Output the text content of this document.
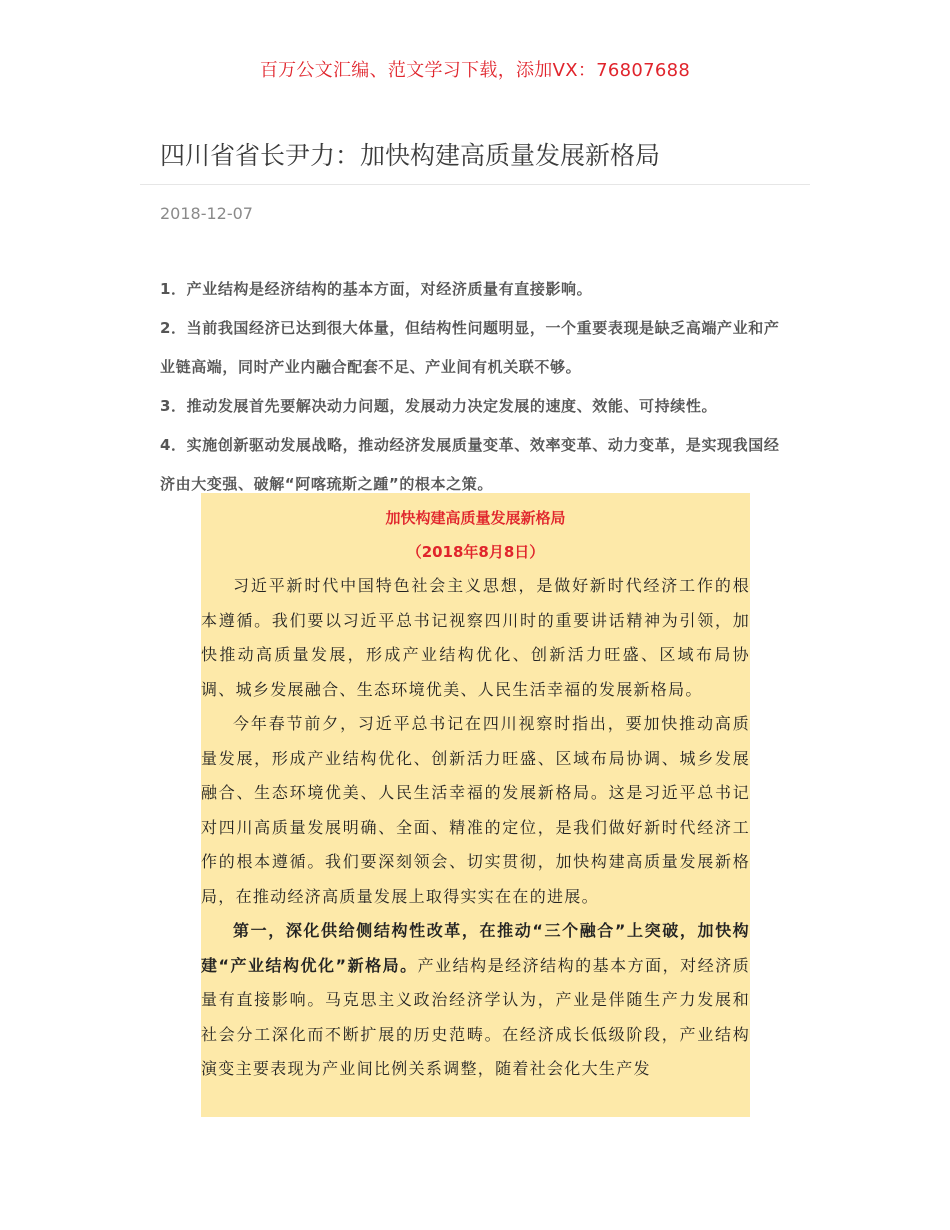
百万公文汇编、范文学习下载，添加VX：76807688
四川省省长尹力：加快构建高质量发展新格局
2018-12-07

1．产业结构是经济结构的基本方面，对经济质量有直接影响。

2．当前我国经济已达到很大体量，但结构性问题明显，一个重要表现是缺乏高端产业和产业链高端，同时产业内融合配套不足、产业间有机关联不够。

3．推动发展首先要解决动力问题，发展动力决定发展的速度、效能、可持续性。

4．实施创新驱动发展战略，推动经济发展质量变革、效率变革、动力变革，是实现我国经济由大变强、破解“阿喀琉斯之踵”的根本之策。

加快构建高质量发展新格局
（2018年8月8日）

习近平新时代中国特色社会主义思想，是做好新时代经济工作的根本遵循。我们要以习近平总书记视察四川时的重要讲话精神为引领，加快推动高质量发展，形成产业结构优化、创新活力旺盛、区域布局协调、城乡发展融合、生态环境优美、人民生活幸福的发展新格局。

今年春节前夕，习近平总书记在四川视察时指出，要加快推动高质量发展，形成产业结构优化、创新活力旺盛、区域布局协调、城乡发展融合、生态环境优美、人民生活幸福的发展新格局。这是习近平总书记对四川高质量发展明确、全面、精准的定位，是我们做好新时代经济工作的根本遵循。我们要深刻领会、切实贯彻，加快构建高质量发展新格局，在推动经济高质量发展上取得实实在在的进展。

第一，深化供给侧结构性改革，在推动“三个融合”上突破，加快构建“产业结构优化”新格局。产业结构是经济结构的基本方面，对经济质量有直接影响。马克思主义政治经济学认为，产业是伴随生产力发展和社会分工深化而不断扩展的历史范畴。在经济成长低级阶段，产业结构演变主要表现为产业间比例关系调整，随着社会化大生产发
